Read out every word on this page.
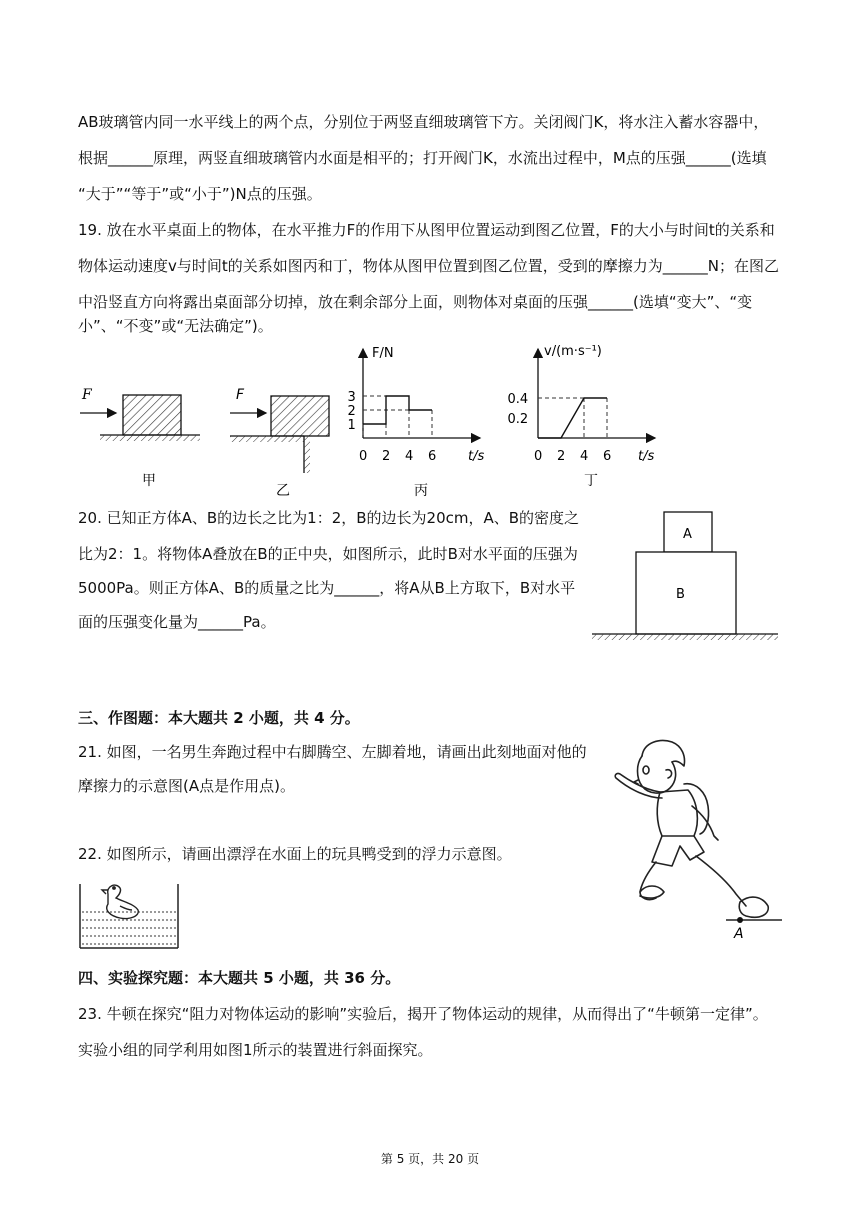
AB玻璃管内同一水平线上的两个点，分别位于两竖直细玻璃管下方。关闭阀门K，将水注入蓄水容器中，
根据______原理，两竖直细玻璃管内水面是相平的；打开阀门K，水流出过程中，M点的压强______(选填
“大于”“等于”或“小于”)N点的压强。
19. 放在水平桌面上的物体，在水平推力F的作用下从图甲位置运动到图乙位置，F的大小与时间t的关系和
物体运动速度v与时间t的关系如图丙和丁，物体从图甲位置到图乙位置，受到的摩擦力为______N；在图乙
中沿竖直方向将露出桌面部分切掉，放在剩余部分上面，则物体对桌面的压强______(选填“变大”、“变
小”、“不变”或“无法确定”)。
F
甲
F
乙
F/N
t/s
0 2 4 6
1
2
3
丙
v/(m·s⁻¹)
t/s
0 2 4 6
0.2
0.4
丁
20. 已知正方体A、B的边长之比为1：2，B的边长为20cm，A、B的密度之
比为2：1。将物体A叠放在B的正中央，如图所示，此时B对水平面的压强为
5000Pa。则正方体A、B的质量之比为______，将A从B上方取下，B对水平
面的压强变化量为______Pa。
A
B
三、作图题：本大题共 2 小题，共 4 分。
21. 如图，一名男生奔跑过程中右脚腾空、左脚着地，请画出此刻地面对他的
摩擦力的示意图(A点是作用点)。
A
22. 如图所示，请画出漂浮在水面上的玩具鸭受到的浮力示意图。
四、实验探究题：本大题共 5 小题，共 36 分。
23. 牛顿在探究“阻力对物体运动的影响”实验后，揭开了物体运动的规律，从而得出了“牛顿第一定律”。
实验小组的同学利用如图1所示的装置进行斜面探究。
第 5 页，共 20 页
